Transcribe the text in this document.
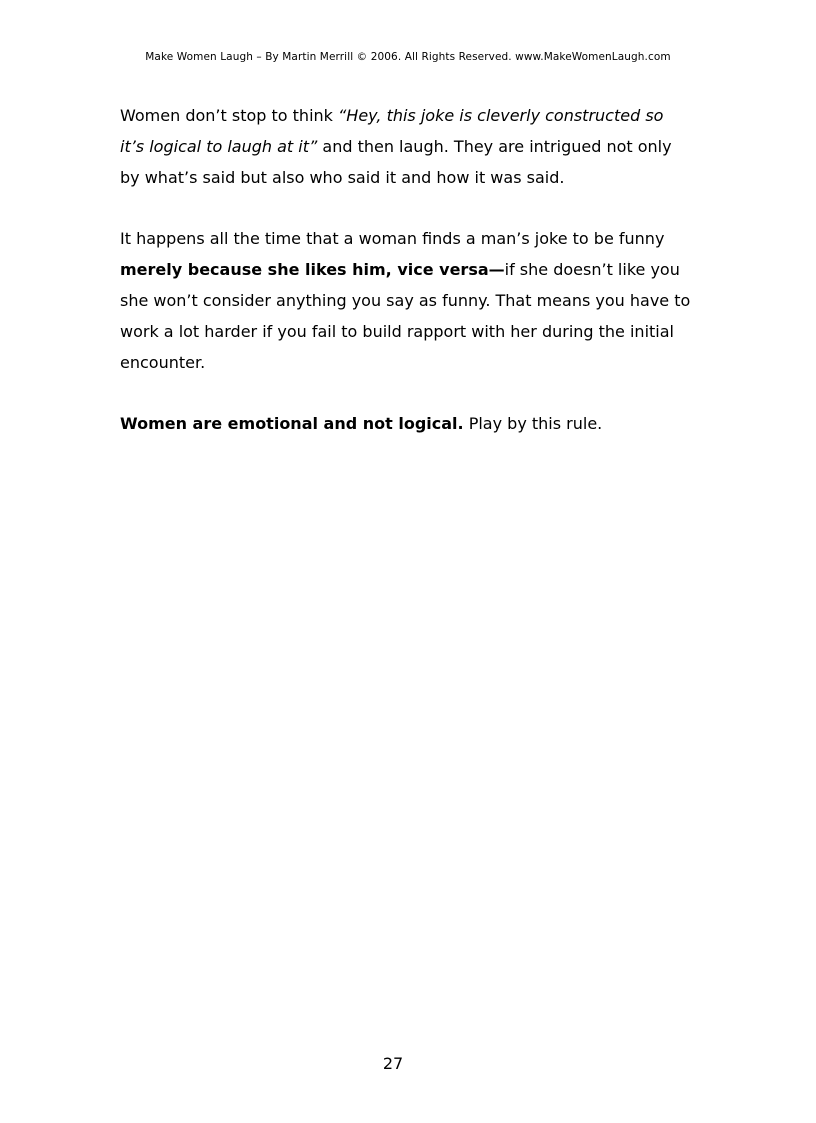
Make Women Laugh – By Martin Merrill © 2006. All Rights Reserved. www.MakeWomenLaugh.com

Women don’t stop to think “Hey, this joke is cleverly constructed so
it’s logical to laugh at it” and then laugh. They are intrigued not only
by what’s said but also who said it and how it was said.

It happens all the time that a woman finds a man’s joke to be funny
merely because she likes him, vice versa—if she doesn’t like you
she won’t consider anything you say as funny. That means you have to
work a lot harder if you fail to build rapport with her during the initial
encounter.

Women are emotional and not logical. Play by this rule.

27
